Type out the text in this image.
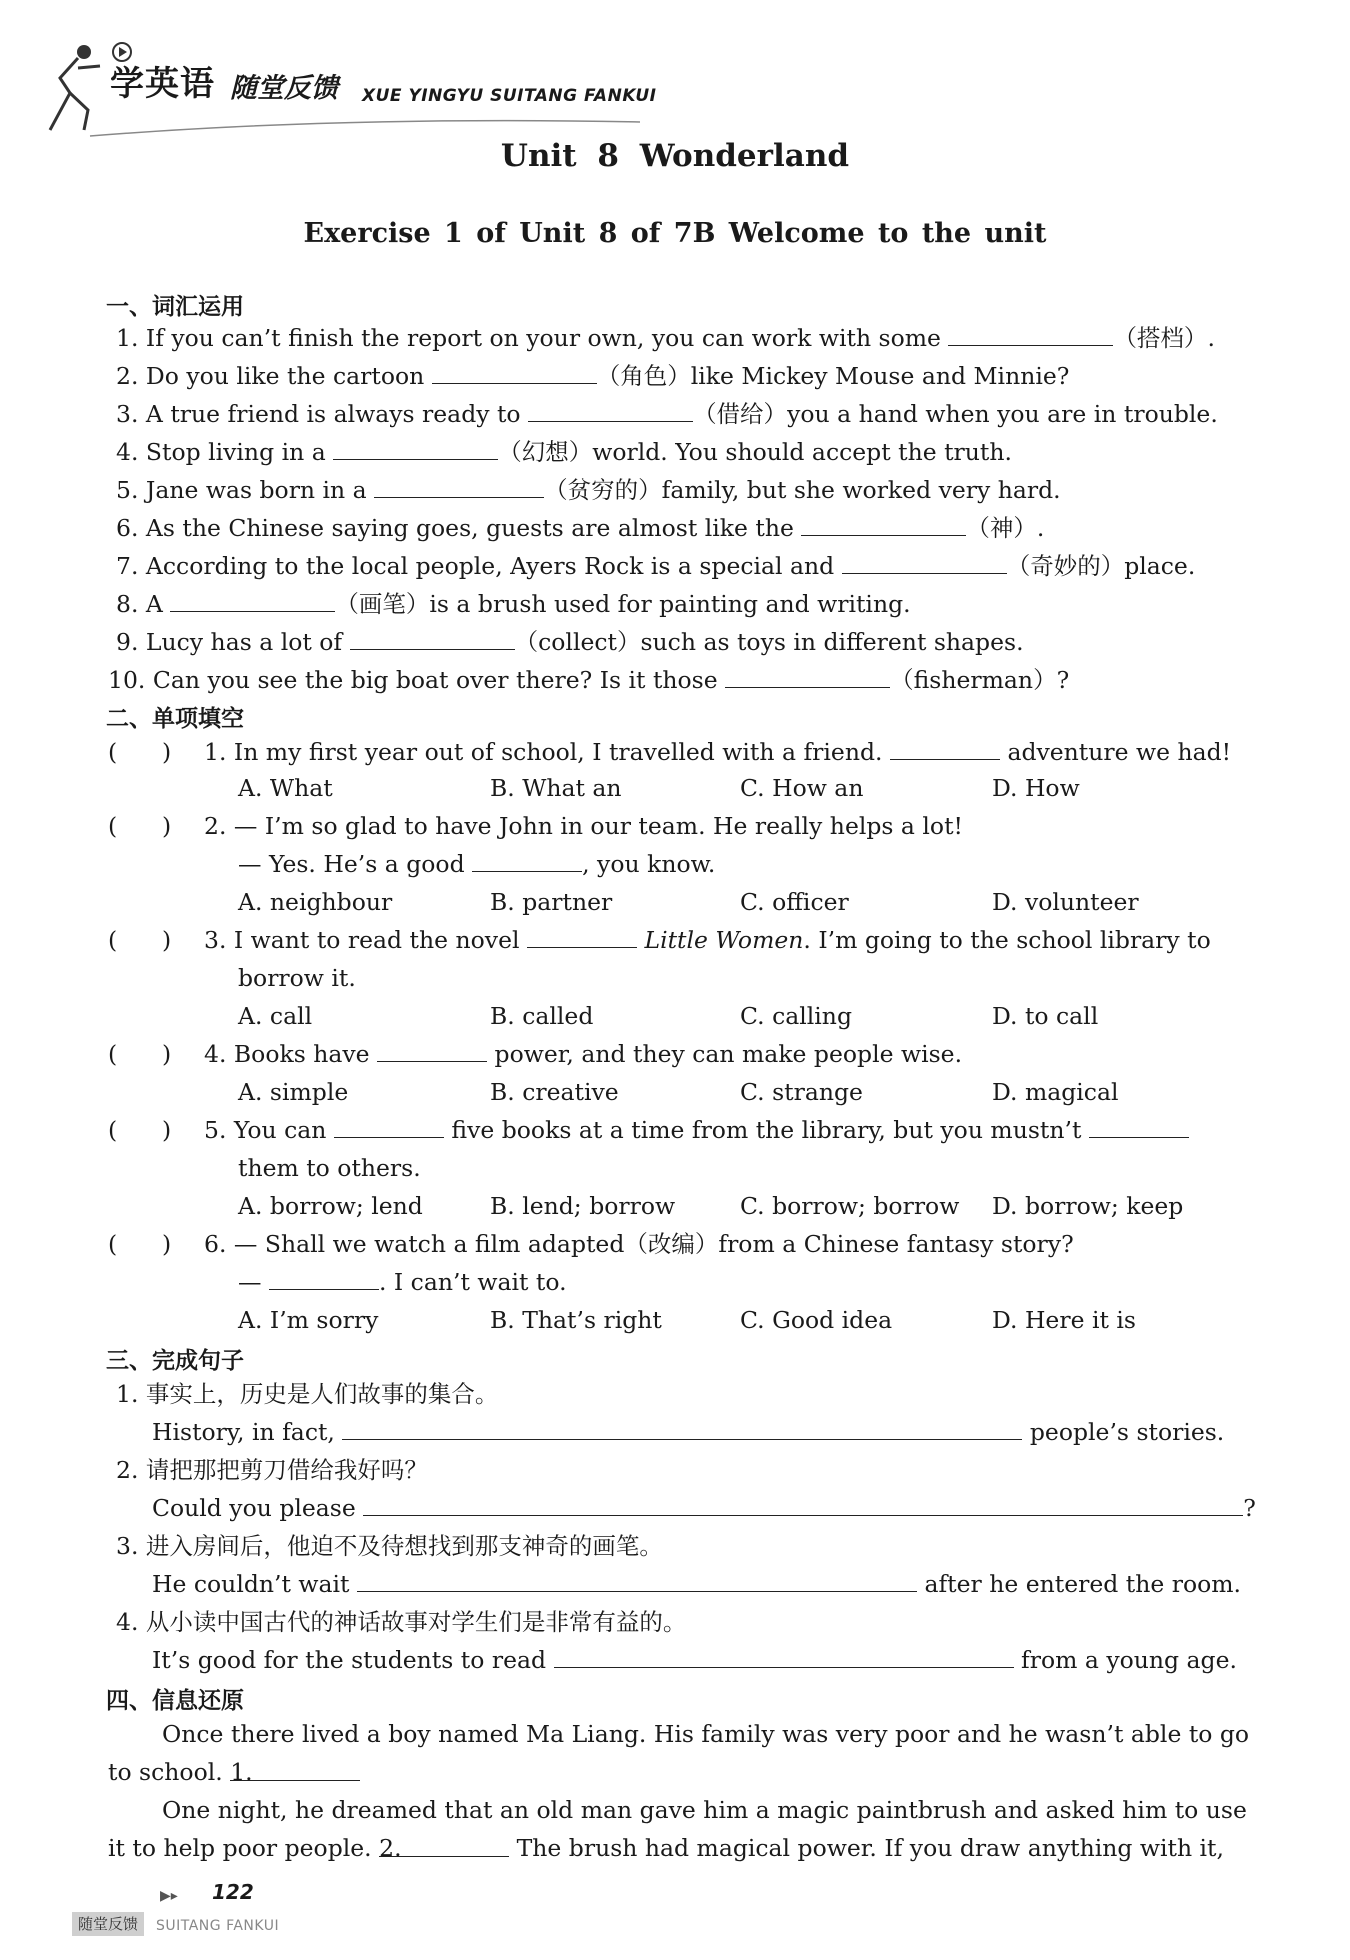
学英语 随堂反馈 XUE YINGYU SUITANG FANKUI
Unit 8 Wonderland
Exercise 1 of Unit 8 of 7B Welcome to the unit
一、词汇运用
1. If you can’t finish the report on your own, you can work with some	（搭档）.
2. Do you like the cartoon	（角色）like Mickey Mouse and Minnie?
3. A true friend is always ready to	（借给）you a hand when you are in trouble.
4. Stop living in a	（幻想）world. You should accept the truth.
5. Jane was born in a	（贫穷的）family, but she worked very hard.
6. As the Chinese saying goes, guests are almost like the	（神）.
7. According to the local people, Ayers Rock is a special and	（奇妙的）place.
8. A	（画笔）is a brush used for painting and writing.
9. Lucy has a lot of	（collect）such as toys in different shapes.
10. Can you see the big boat over there? Is it those	（fisherman）?
二、单项填空
( ) 1. In my first year out of school, I travelled with a friend.	adventure we had!
A. What	B. What an	C. How an	D. How
( ) 2. — I’m so glad to have John in our team. He really helps a lot!
— Yes. He’s a good	, you know.
A. neighbour	B. partner	C. officer	D. volunteer
( ) 3. I want to read the novel	Little Women. I’m going to the school library to
borrow it.
A. call	B. called	C. calling	D. to call
( ) 4. Books have	power, and they can make people wise.
A. simple	B. creative	C. strange	D. magical
( ) 5. You can	five books at a time from the library, but you mustn’t
them to others.
A. borrow; lend	B. lend; borrow	C. borrow; borrow D. borrow; keep
( ) 6. — Shall we watch a film adapted（改编）from a Chinese fantasy story?
—	. I can’t wait to.
A. I’m sorry	B. That’s right	C. Good idea	D. Here it is
三、完成句子
1. 事实上，历史是人们故事的集合。
History, in fact,	people’s stories.
2. 请把那把剪刀借给我好吗？
Could you please	?
3. 进入房间后，他迫不及待想找到那支神奇的画笔。
He couldn’t wait	after he entered the room.
4. 从小读中国古代的神话故事对学生们是非常有益的。
It’s good for the students to read	from a young age.
四、信息还原
Once there lived a boy named Ma Liang. His family was very poor and he wasn’t able to go
to school. 1.
One night, he dreamed that an old man gave him a magic paintbrush and asked him to use
it to help poor people. 2.	The brush had magical power. If you draw anything with it,
▶▸ 122
随堂反馈	SUITANG FANKUI
